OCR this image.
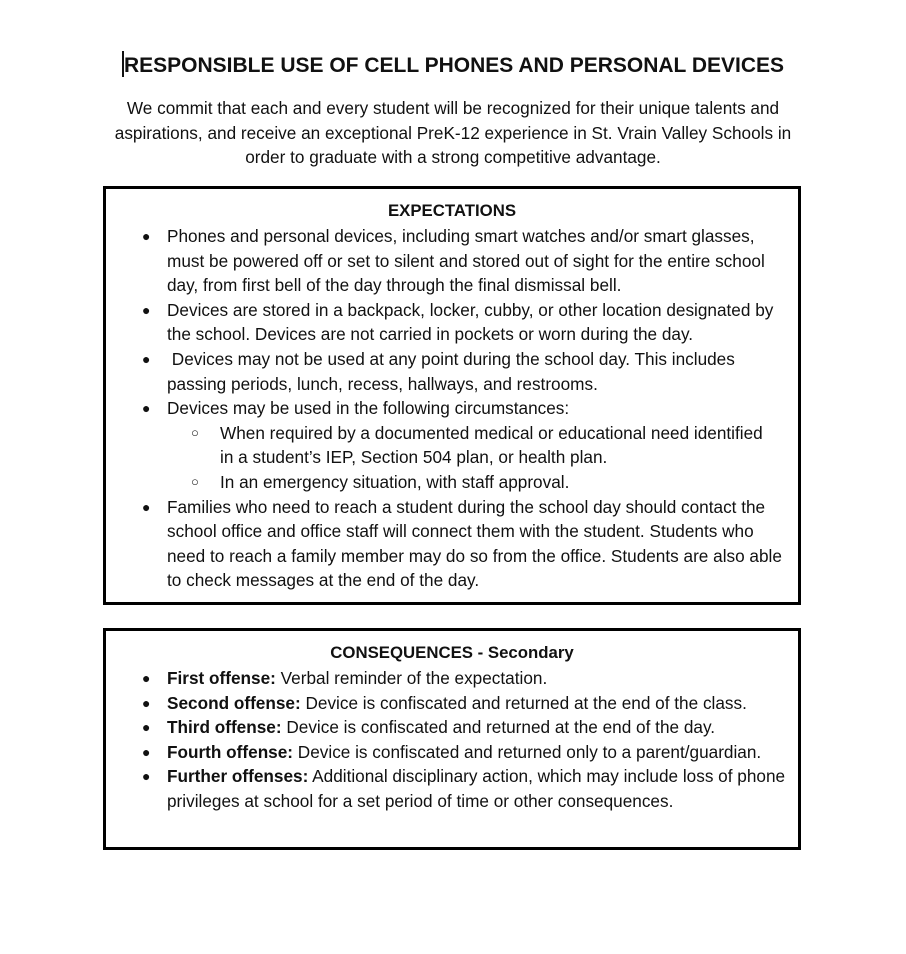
RESPONSIBLE USE OF CELL PHONES AND PERSONAL DEVICES
We commit that each and every student will be recognized for their unique talents and aspirations, and receive an exceptional PreK-12 experience in St. Vrain Valley Schools in order to graduate with a strong competitive advantage.
EXPECTATIONS
● Phones and personal devices, including smart watches and/or smart glasses, must be powered off or set to silent and stored out of sight for the entire school day, from first bell of the day through the final dismissal bell.
● Devices are stored in a backpack, locker, cubby, or other location designated by the school. Devices are not carried in pockets or worn during the day.
● Devices may not be used at any point during the school day. This includes passing periods, lunch, recess, hallways, and restrooms.
● Devices may be used in the following circumstances:
○ When required by a documented medical or educational need identified in a student’s IEP, Section 504 plan, or health plan.
○ In an emergency situation, with staff approval.
● Families who need to reach a student during the school day should contact the school office and office staff will connect them with the student. Students who need to reach a family member may do so from the office. Students are also able to check messages at the end of the day.
CONSEQUENCES - Secondary
● First offense: Verbal reminder of the expectation.
● Second offense: Device is confiscated and returned at the end of the class.
● Third offense: Device is confiscated and returned at the end of the day.
● Fourth offense: Device is confiscated and returned only to a parent/guardian.
● Further offenses: Additional disciplinary action, which may include loss of phone privileges at school for a set period of time or other consequences.
